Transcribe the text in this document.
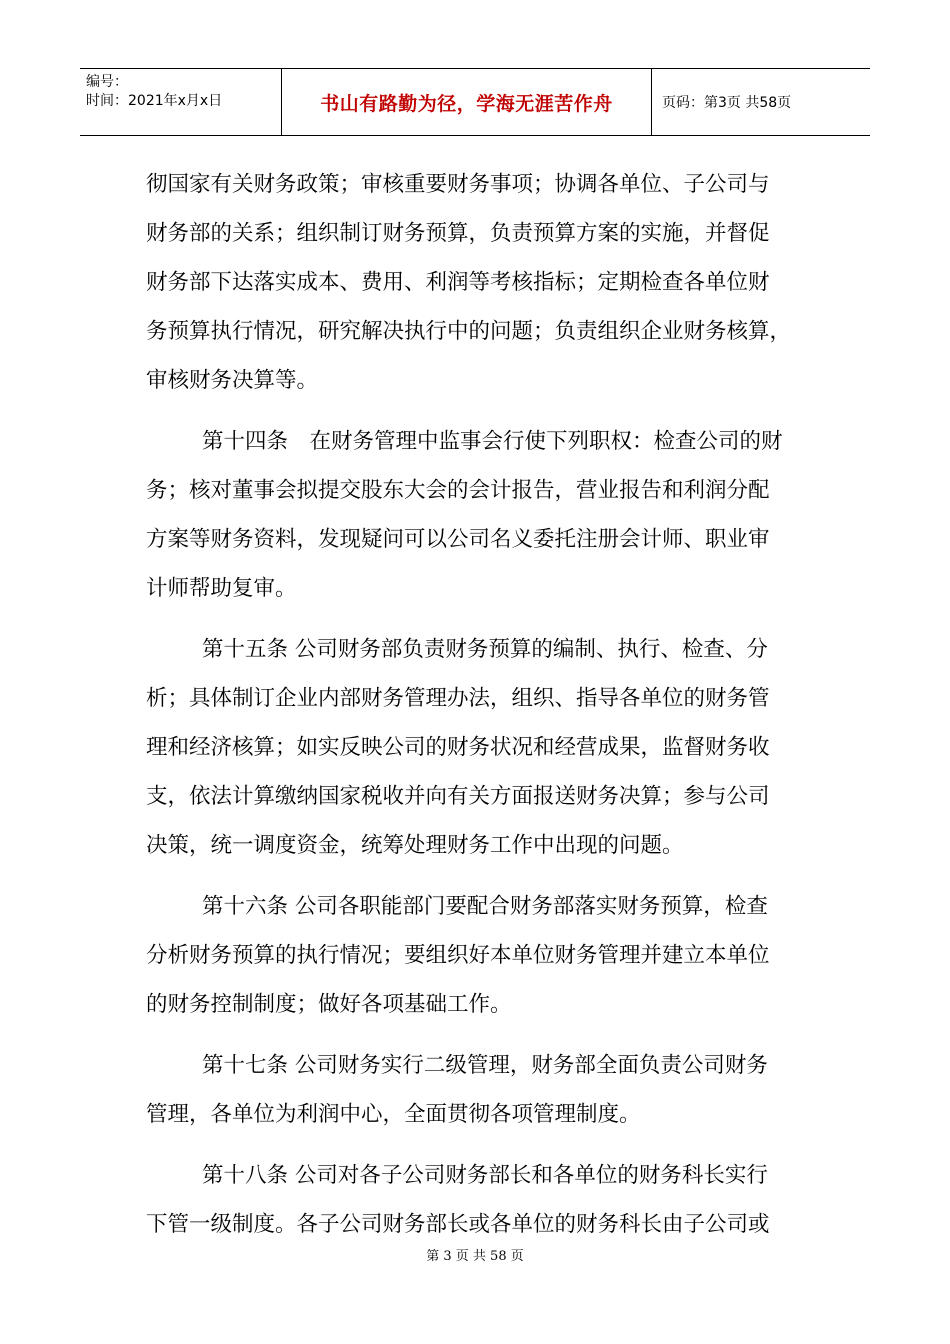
编号：
时间：2021年x月x日	书山有路勤为径，学海无涯苦作舟	页码：第3页 共58页
彻国家有关财务政策；审核重要财务事项；协调各单位、子公司与
财务部的关系；组织制订财务预算，负责预算方案的实施，并督促
财务部下达落实成本、费用、利润等考核指标；定期检查各单位财
务预算执行情况，研究解决执行中的问题；负责组织企业财务核算，
审核财务决算等。
第十四条　在财务管理中监事会行使下列职权：检查公司的财
务；核对董事会拟提交股东大会的会计报告，营业报告和利润分配
方案等财务资料，发现疑问可以公司名义委托注册会计师、职业审
计师帮助复审。
第十五条 公司财务部负责财务预算的编制、执行、检查、分
析；具体制订企业内部财务管理办法，组织、指导各单位的财务管
理和经济核算；如实反映公司的财务状况和经营成果，监督财务收
支，依法计算缴纳国家税收并向有关方面报送财务决算；参与公司
决策，统一调度资金，统筹处理财务工作中出现的问题。
第十六条 公司各职能部门要配合财务部落实财务预算，检查
分析财务预算的执行情况；要组织好本单位财务管理并建立本单位
的财务控制制度；做好各项基础工作。
第十七条 公司财务实行二级管理，财务部全面负责公司财务
管理，各单位为利润中心，全面贯彻各项管理制度。
第十八条 公司对各子公司财务部长和各单位的财务科长实行
下管一级制度。各子公司财务部长或各单位的财务科长由子公司或
第 3 页 共 58 页
